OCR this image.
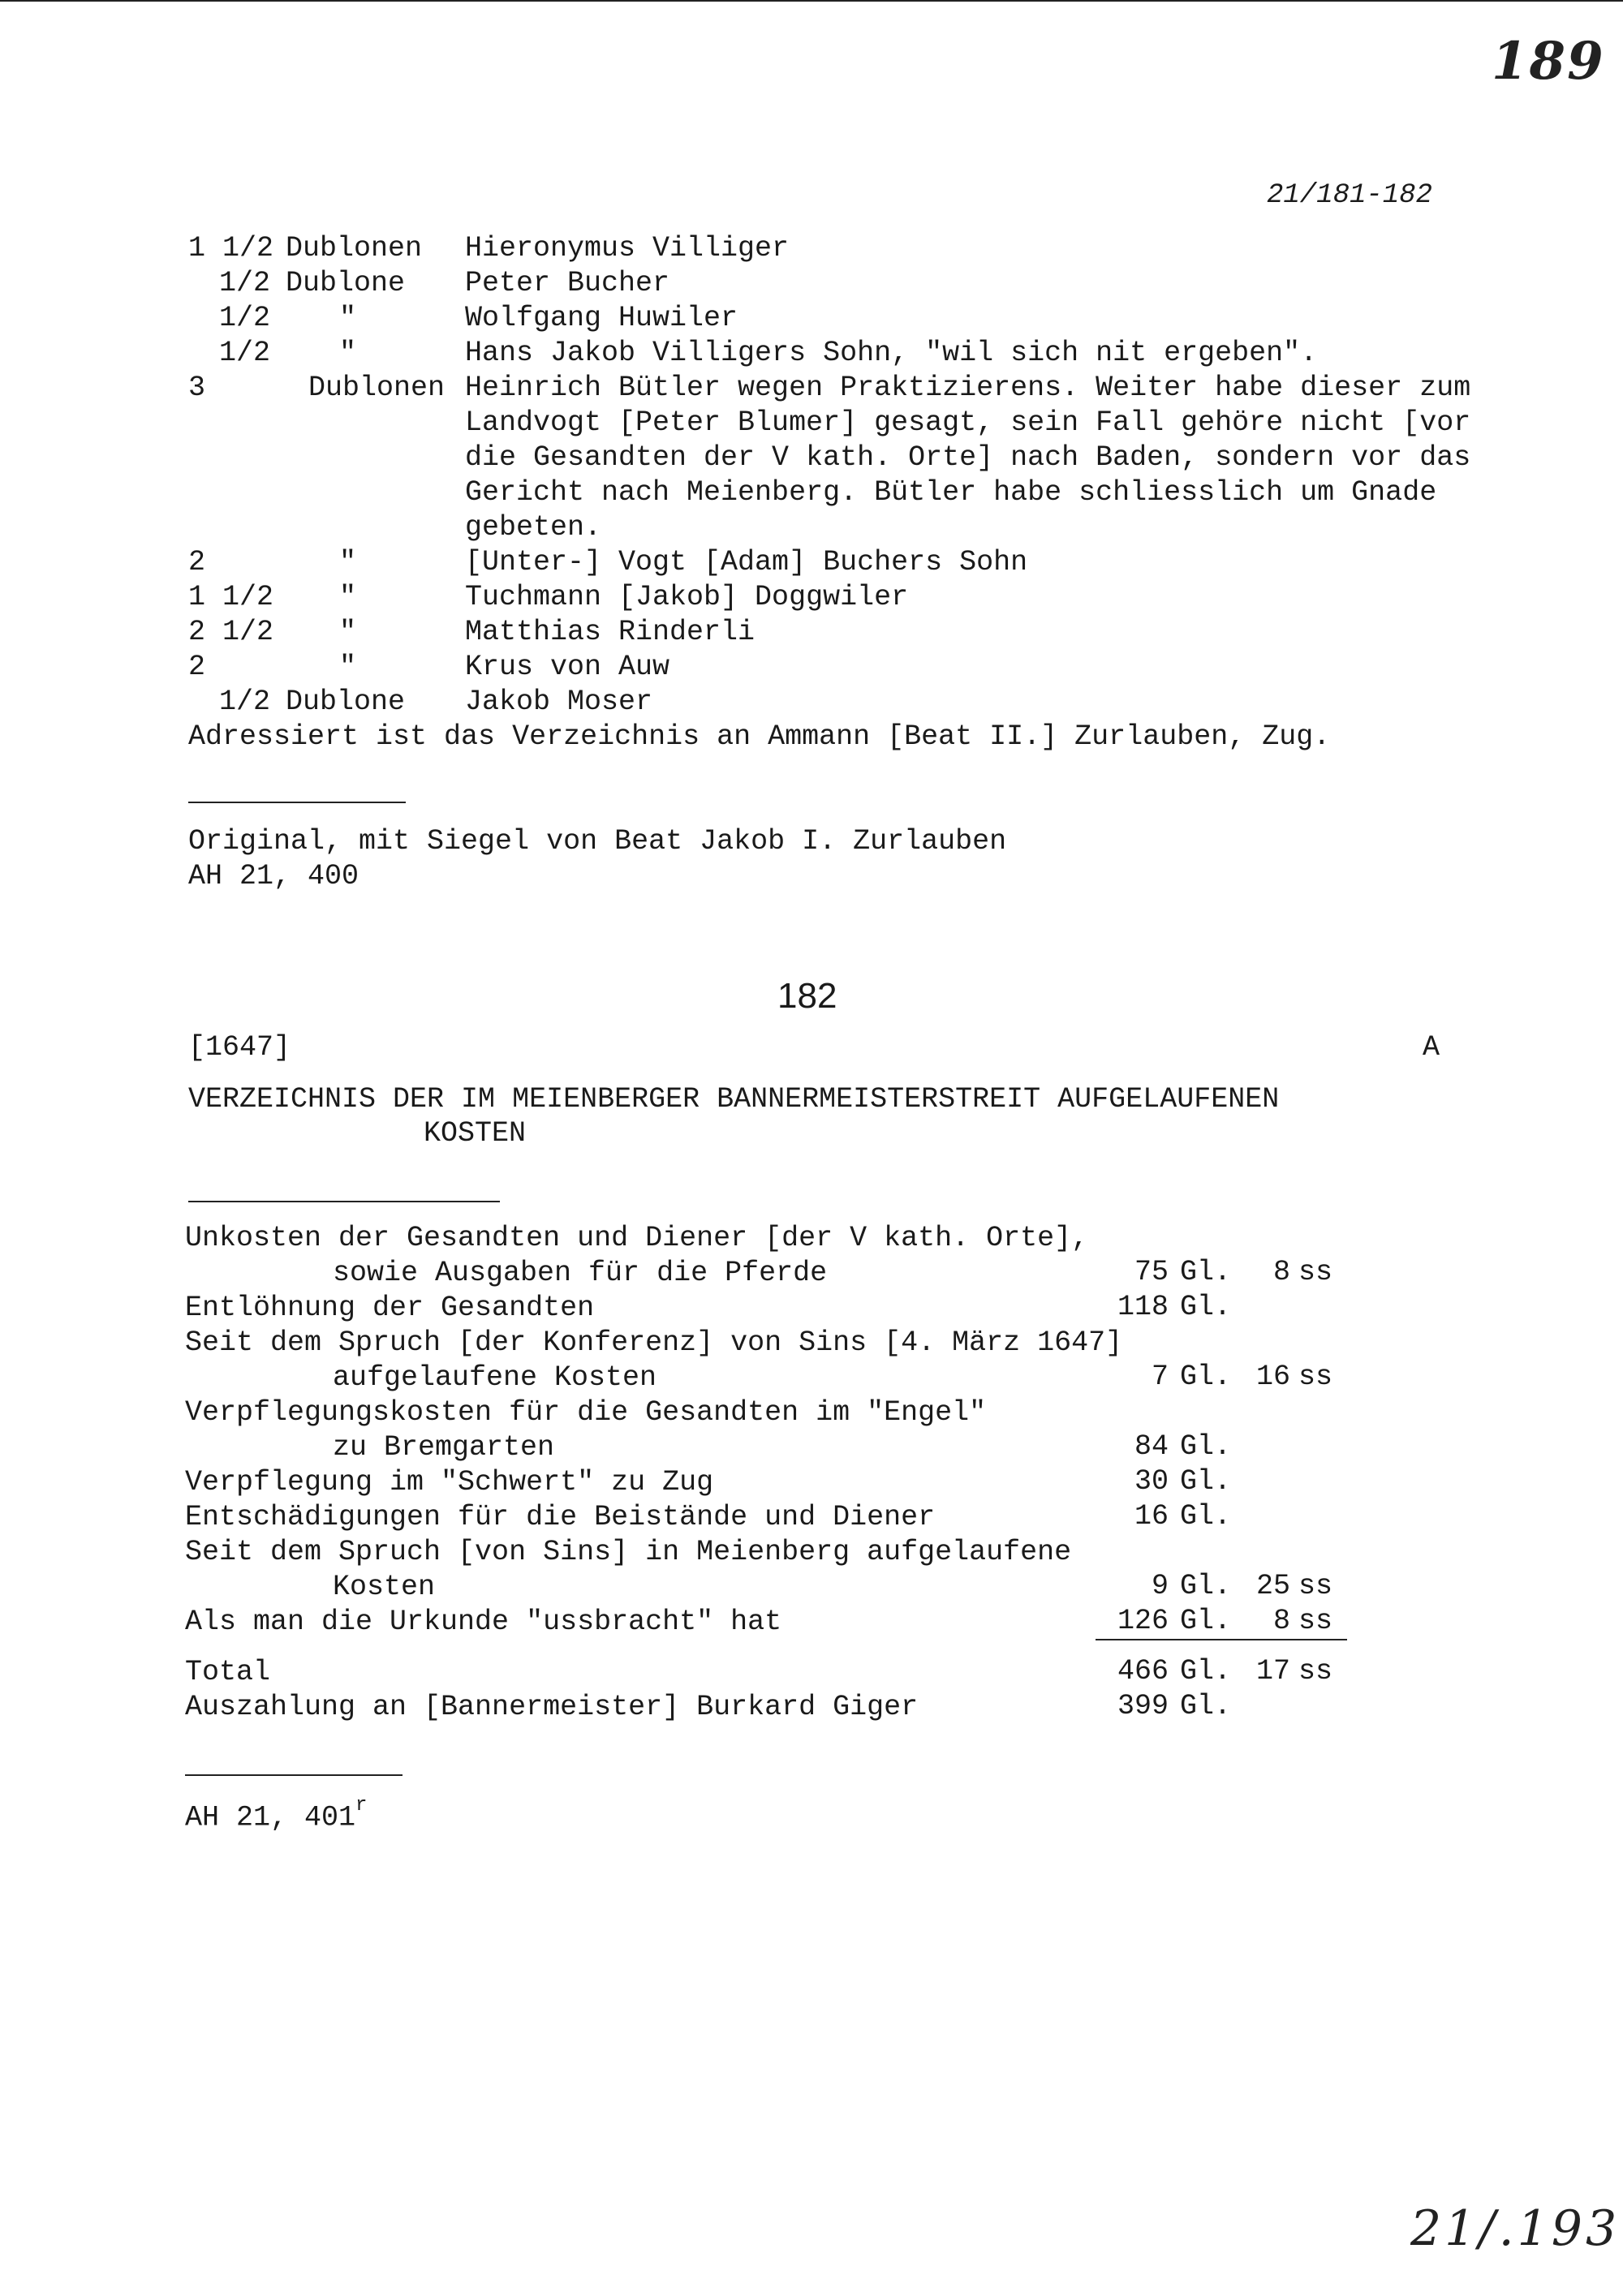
189
21/181-182
1 1/2 Dublonen Hieronymus Villiger
1/2 Dublone Peter Bucher
1/2 "	Wolfgang Huwiler
1/2 "	Hans Jakob Villigers Sohn, "wil sich nit ergeben".
3	Dublonen Heinrich Bütler wegen Praktizierens. Weiter habe dieser zum
Landvogt [Peter Blumer] gesagt, sein Fall gehöre nicht [vor
die Gesandten der V kath. Orte] nach Baden, sondern vor das
Gericht nach Meienberg. Bütler habe schliesslich um Gnade
gebeten.
2	"	[Unter-] Vogt [Adam] Buchers Sohn
1 1/2 "	Tuchmann [Jakob] Doggwiler
2 1/2 "	Matthias Rinderli
2	"	Krus von Auw
1/2 Dublone Jakob Moser
Adressiert ist das Verzeichnis an Ammann [Beat II.] Zurlauben, Zug.
Original, mit Siegel von Beat Jakob I. Zurlauben
AH 21, 400
182
[1647]	A
VERZEICHNIS DER IM MEIENBERGER BANNERMEISTERSTREIT AUFGELAUFENEN
KOSTEN
Unkosten der Gesandten und Diener [der V kath. Orte],
sowie Ausgaben für die Pferde	75 Gl.	8 ss
Entlöhnung der Gesandten	118 Gl.
Seit dem Spruch [der Konferenz] von Sins [4. März 1647]
aufgelaufene Kosten	7 Gl. 16 ss
Verpflegungskosten für die Gesandten im "Engel"
zu Bremgarten	84 Gl.
Verpflegung im "Schwert" zu Zug	30 Gl.
Entschädigungen für die Beistände und Diener	16 Gl.
Seit dem Spruch [von Sins] in Meienberg aufgelaufene
Kosten	9 Gl. 25 ss
Als man die Urkunde "ussbracht" hat	126 Gl.	8 ss
Total	466 Gl. 17 ss
Auszahlung an [Bannermeister] Burkard Giger	399 Gl.
AH 21, 401$^r$
21/.193
